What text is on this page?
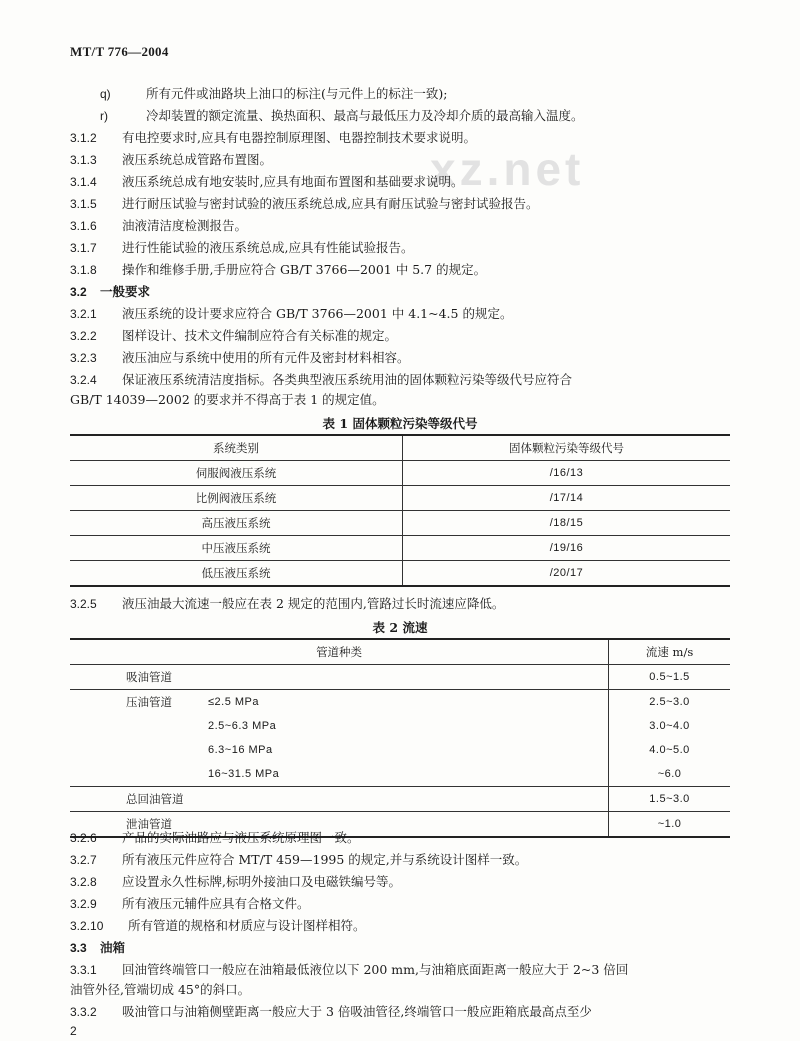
MT/T 776—2004
xz.net
q)	所有元件或油路块上油口的标注(与元件上的标注一致);
r)	冷却装置的额定流量、换热面积、最高与最低压力及冷却介质的最高输入温度。
3.1.2 有电控要求时,应具有电器控制原理图、电器控制技术要求说明。
3.1.3 液压系统总成管路布置图。
3.1.4 液压系统总成有地安装时,应具有地面布置图和基础要求说明。
3.1.5 进行耐压试验与密封试验的液压系统总成,应具有耐压试验与密封试验报告。
3.1.6 油液清洁度检测报告。
3.1.7 进行性能试验的液压系统总成,应具有性能试验报告。
3.1.8 操作和维修手册,手册应符合 GB/T 3766—2001 中 5.7 的规定。
3.2 一般要求
3.2.1 液压系统的设计要求应符合 GB/T 3766—2001 中 4.1~4.5 的规定。
3.2.2 图样设计、技术文件编制应符合有关标准的规定。
3.2.3 液压油应与系统中使用的所有元件及密封材料相容。
3.2.4 保证液压系统清洁度指标。各类典型液压系统用油的固体颗粒污染等级代号应符合
GB/T 14039—2002 的要求并不得高于表 1 的规定值。
表 1 固体颗粒污染等级代号
系统类别	固体颗粒污染等级代号
伺服阀液压系统	/16/13
比例阀液压系统	/17/14
高压液压系统	/18/15
中压液压系统	/19/16
低压液压系统	/20/17
3.2.5 液压油最大流速一般应在表 2 规定的范围内,管路过长时流速应降低。
表 2 流速
管道种类		流速 m/s
吸油管道		0.5~1.5
压油管道	≤2.5 MPa	2.5~3.0
	2.5~6.3 MPa	3.0~4.0
	6.3~16 MPa	4.0~5.0
	16~31.5 MPa	~6.0
总回油管道		1.5~3.0
泄油管道		~1.0
3.2.6 产品的实际油路应与液压系统原理图一致。
3.2.7 所有液压元件应符合 MT/T 459—1995 的规定,并与系统设计图样一致。
3.2.8 应设置永久性标牌,标明外接油口及电磁铁编号等。
3.2.9 所有液压元辅件应具有合格文件。
3.2.10 所有管道的规格和材质应与设计图样相符。
3.3 油箱
3.3.1 回油管终端管口一般应在油箱最低液位以下 200 mm,与油箱底面距离一般应大于 2~3 倍回
油管外径,管端切成 45°的斜口。
3.3.2 吸油管口与油箱侧壁距离一般应大于 3 倍吸油管径,终端管口一般应距箱底最高点至少
2
